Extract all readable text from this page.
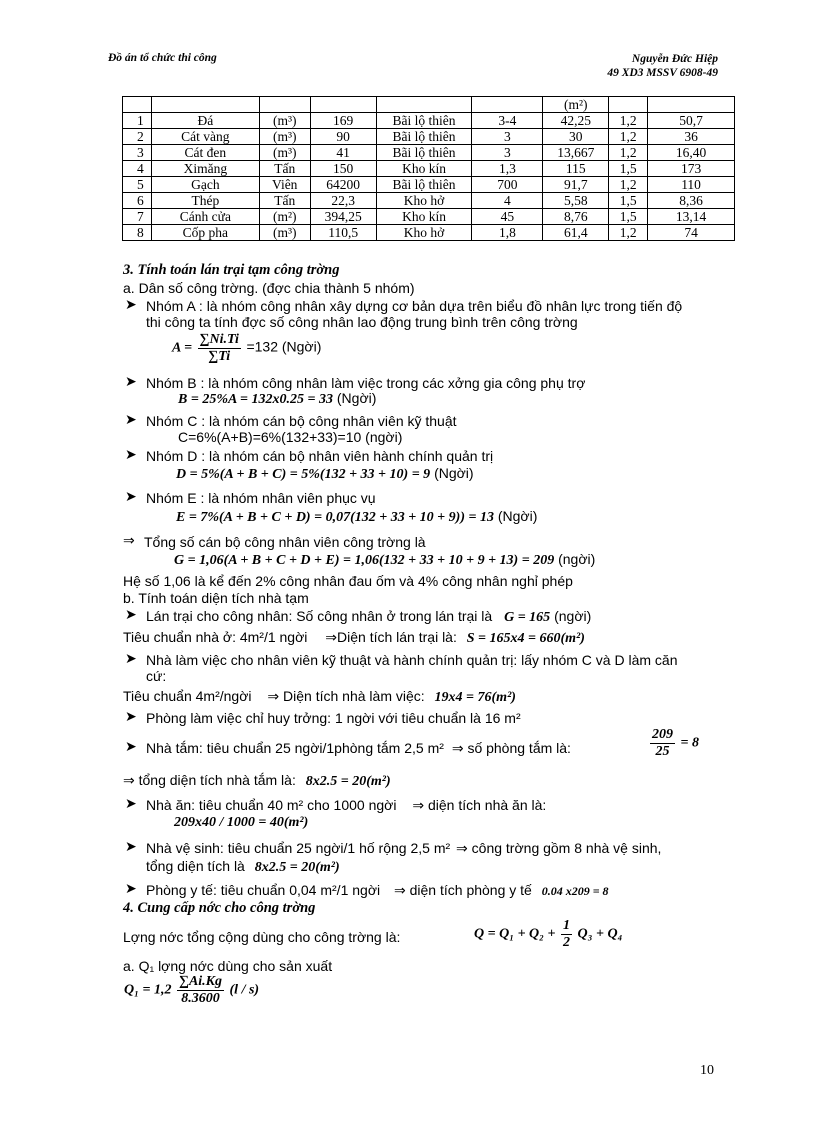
Đồ án tổ chức thi công	Nguyễn Đức Hiệp
49 XD3 MSSV 6908-49
						(m²)		
1	Đá	(m³)	169	Bãi lộ thiên	3-4	42,25	1,2	50,7
2	Cát vàng	(m³)	90	Bãi lộ thiên	3	30	1,2	36
3	Cát đen	(m³)	41	Bãi lộ thiên	3	13,667	1,2	16,40
4	Ximăng	Tấn	150	Kho kín	1,3	115	1,5	173
5	Gạch	Viên	64200	Bãi lộ thiên	700	91,7	1,2	110
6	Thép	Tấn	22,3	Kho hở	4	5,58	1,5	8,36
7	Cánh cửa	(m²)	394,25	Kho kín	45	8,76	1,5	13,14
8	Cốp pha	(m³)	110,5	Kho hở	1,8	61,4	1,2	74
3. Tính toán lán trại tạm công trờng
a. Dân số công trờng. (đợc chia thành 5 nhóm)
➤ Nhóm A : là nhóm công nhân xây dựng cơ bản dựa trên biểu đồ nhân lực trong tiến độ
thi công ta tính đợc số công nhân lao động trung bình trên công trờng
$A = \frac{\sum Ni.Ti}{\sum Ti} =132$ (Ngời)
➤ Nhóm B : là nhóm công nhân làm việc trong các xởng gia công phụ trợ
B = 25%A = 132x0.25 = 33 (Ngời)
➤ Nhóm C : là nhóm cán bộ công nhân viên kỹ thuật
C=6%(A+B)=6%(132+33)=10 (ngời)
➤ Nhóm D : là nhóm cán bộ nhân viên hành chính quản trị
D = 5%(A + B + C) = 5%(132 + 33 + 10) = 9 (Ngời)
➤ Nhóm E : là nhóm nhân viên phục vụ
E = 7%(A + B + C + D) = 0,07(132 + 33 + 10 + 9)) = 13 (Ngời)
⇒ Tổng số cán bộ công nhân viên công trờng là
G = 1,06(A + B + C + D + E) = 1,06(132 + 33 + 10 + 9 + 13) = 209 (ngời)
Hệ số 1,06 là kể đến 2% công nhân đau ốm và 4% công nhân nghỉ phép
b. Tính toán diện tích nhà tạm
➤ Lán trại cho công nhân: Số công nhân ở trong lán trại là G = 165 (ngời)
Tiêu chuẩn nhà ở: 4m²/1 ngời ⇒Diện tích lán trại là: S = 165x4 = 660(m²)
➤ Nhà làm việc cho nhân viên kỹ thuật và hành chính quản trị: lấy nhóm C và D làm căn
cứ:
Tiêu chuẩn 4m²/ngời ⇒ Diện tích nhà làm việc: 19x4 = 76(m²)
➤ Phòng làm việc chỉ huy trởng: 1 ngời với tiêu chuẩn là 16 m²
➤ Nhà tắm: tiêu chuẩn 25 ngời/1phòng tắm 2,5 m² ⇒ số phòng tắm là:	$\frac{209}{25} = 8$
⇒ tổng diện tích nhà tắm là: 8x2.5 = 20(m²)
➤ Nhà ăn: tiêu chuẩn 40 m² cho 1000 ngời ⇒ diện tích nhà ăn là:
209x40 / 1000 = 40(m²)
➤ Nhà vệ sinh: tiêu chuẩn 25 ngời/1 hố rộng 2,5 m² ⇒ công trờng gồm 8 nhà vệ sinh,
tổng diện tích là 8x2.5 = 20(m²)
➤ Phòng y tế: tiêu chuẩn 0,04 m²/1 ngời ⇒ diện tích phòng y tế 0.04 x209 = 8
4. Cung cấp nớc cho công trờng
Lợng nớc tổng cộng dùng cho công trờng là:	$Q = Q_1 + Q_2 + \frac{1}{2} Q_3 + Q_4$
a. Q₁ lợng nớc dùng cho sản xuất
$Q_1 = 1,2 \frac{\sum Ai.Kg}{8.3600} (l / s)$
10
